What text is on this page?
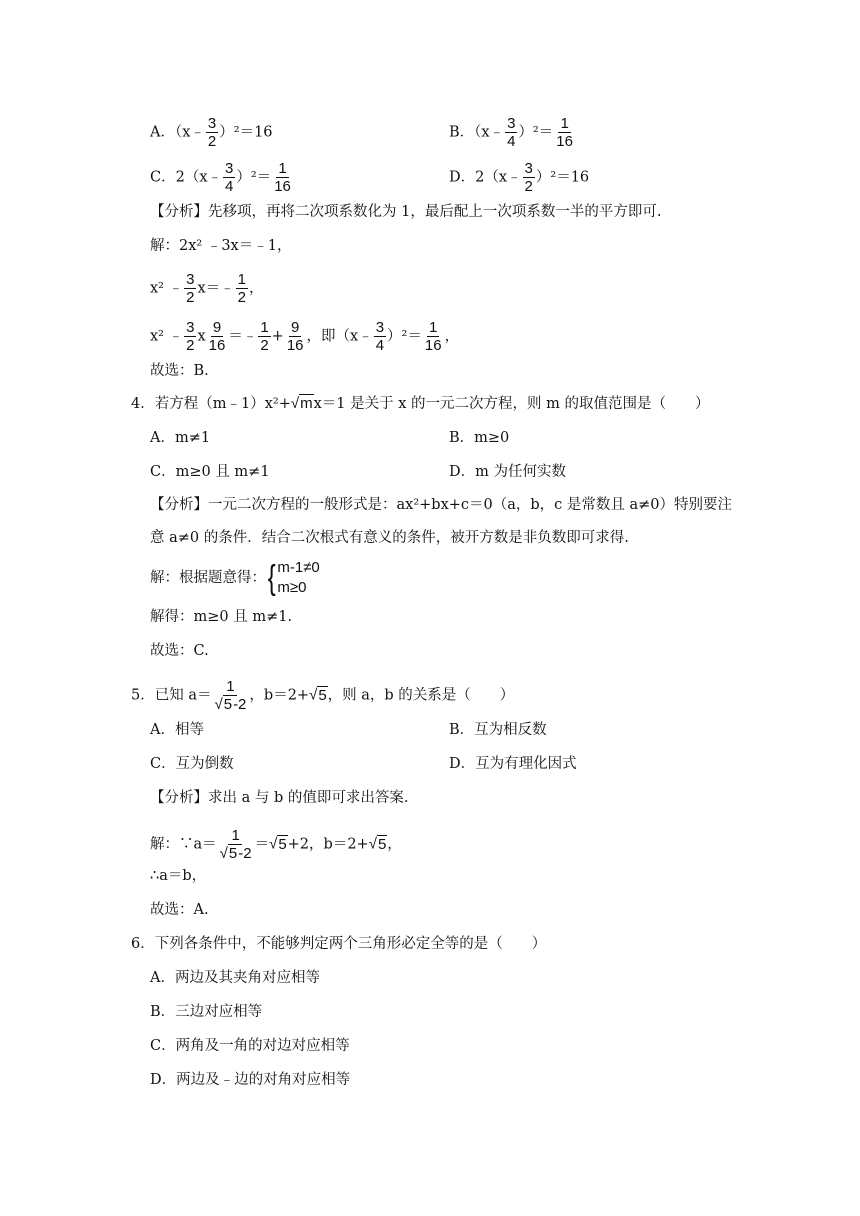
A．（x﹣ $\frac{3}{2} )^2=16$	B．（x﹣ $\frac{3}{4} )^2= \frac{1}{16}$
C．2（x﹣ $\frac{3}{4} )^2= \frac{1}{16}$	D．2（x﹣ $\frac{3}{2} )^2=16$
【分析】先移项，再将二次项系数化为 1，最后配上一次项系数一半的平方即可.
解：2x² ﹣3x＝﹣1，
x² ﹣ $\frac{3}{2}$ x＝﹣ $\frac{1}{2}$ ，
x² ﹣ $\frac{3}{2}$ x $\frac{9}{16}$ ＝﹣ $\frac{1}{2} + \frac{9}{16}$ ，即（x﹣ $\frac{3}{4} )^2= \frac{1}{16}$ ，
故选：B.
4．若方程（m﹣1）x²+√mx＝1 是关于 x 的一元二次方程，则 m 的取值范围是（　　）
A．m≠1	B．m≥0
C．m≥0 且 m≠1	D．m 为任何实数
【分析】一元二次方程的一般形式是：ax²+bx+c＝0（a，b，c 是常数且 a≠0）特别要注
意 a≠0 的条件．结合二次根式有意义的条件，被开方数是非负数即可求得.
解：根据题意得： { m-1≠0
m≥0
解得：m≥0 且 m≠1.
故选：C.
5．已知 $a= \frac{1}{√5-2}$ ，b＝2+√5，则 a，b 的关系是（　　）
A．相等	B．互为相反数
C．互为倒数	D．互为有理化因式
【分析】求出 a 与 b 的值即可求出答案.
解：∵a＝ $\frac{1}{√5-2} =√5+2$，b＝2+√5，
∴a＝b，
故选：A.
6．下列各条件中，不能够判定两个三角形必定全等的是（　　）
A．两边及其夹角对应相等
B．三边对应相等
C．两角及一角的对边对应相等
D．两边及﹣边的对角对应相等
